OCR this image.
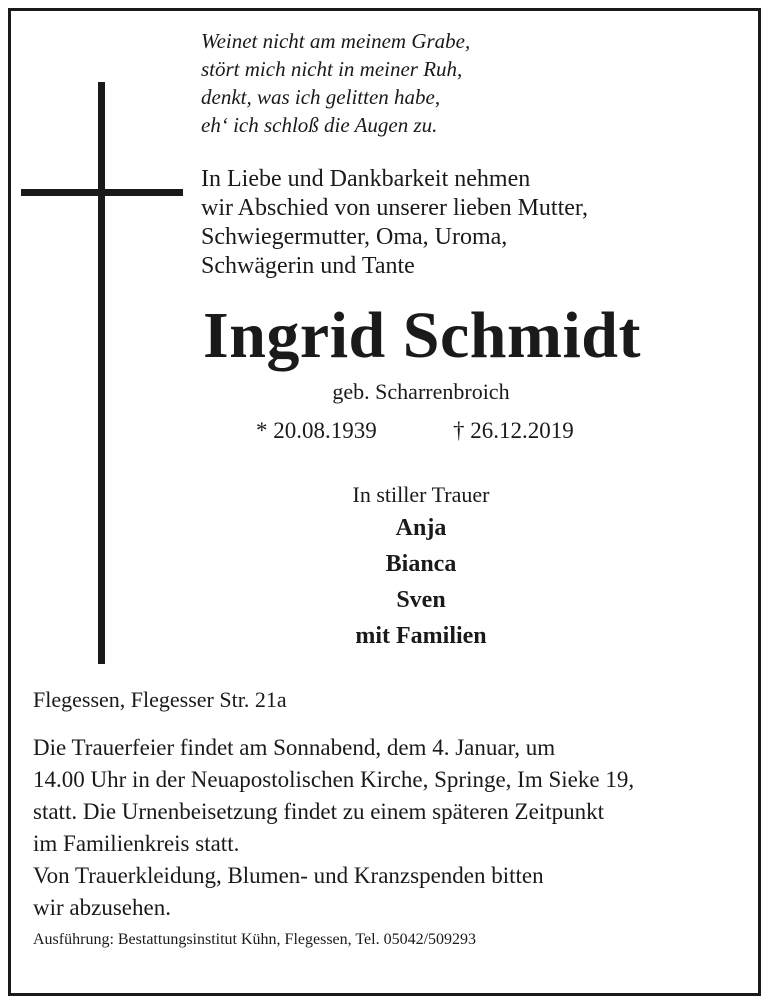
Weinet nicht am meinem Grabe,
stört mich nicht in meiner Ruh,
denkt, was ich gelitten habe,
eh‘ ich schloß die Augen zu.
In Liebe und Dankbarkeit nehmen
wir Abschied von unserer lieben Mutter,
Schwiegermutter, Oma, Uroma,
Schwägerin und Tante
Ingrid Schmidt
geb. Scharrenbroich
* 20.08.1939	† 26.12.2019
In stiller Trauer
Anja
Bianca
Sven
mit Familien
Flegessen, Flegesser Str. 21a
Die Trauerfeier findet am Sonnabend, dem 4. Januar, um
14.00 Uhr in der Neuapostolischen Kirche, Springe, Im Sieke 19,
statt. Die Urnenbeisetzung findet zu einem späteren Zeitpunkt
im Familienkreis statt.
Von Trauerkleidung, Blumen- und Kranzspenden bitten
wir abzusehen.
Ausführung: Bestattungsinstitut Kühn, Flegessen, Tel. 05042/509293
